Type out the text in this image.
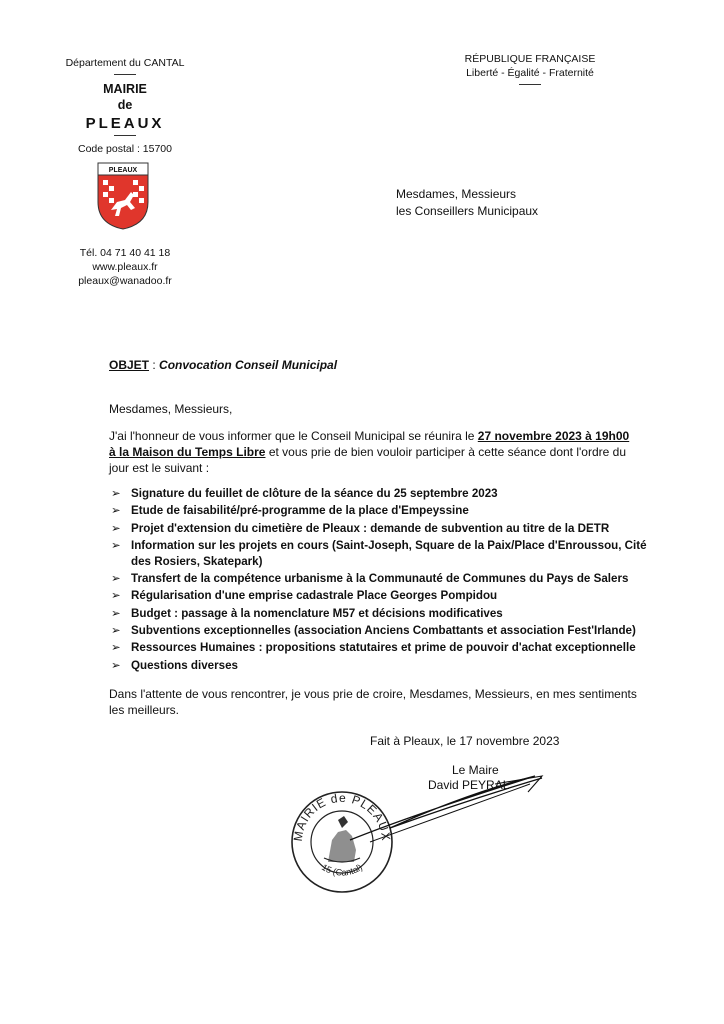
Département du CANTAL
MAIRIE
de
PLEAUX
Code postal : 15700
PLEAUX
Tél. 04 71 40 41 18
www.pleaux.fr
pleaux@wanadoo.fr
RÉPUBLIQUE FRANÇAISE
Liberté - Égalité - Fraternité
Mesdames, Messieurs
les Conseillers Municipaux
OBJET : Convocation Conseil Municipal
Mesdames, Messieurs,
J'ai l'honneur de vous informer que le Conseil Municipal se réunira le 27 novembre 2023 à 19h00 à la Maison du Temps Libre et vous prie de bien vouloir participer à cette séance dont l'ordre du jour est le suivant :
➢ Signature du feuillet de clôture de la séance du 25 septembre 2023
➢ Etude de faisabilité/pré-programme de la place d'Empeyssine
➢ Projet d'extension du cimetière de Pleaux : demande de subvention au titre de la DETR
➢ Information sur les projets en cours (Saint-Joseph, Square de la Paix/Place d'Enroussou, Cité des Rosiers, Skatepark)
➢ Transfert de la compétence urbanisme à la Communauté de Communes du Pays de Salers
➢ Régularisation d'une emprise cadastrale Place Georges Pompidou
➢ Budget : passage à la nomenclature M57 et décisions modificatives
➢ Subventions exceptionnelles (association Anciens Combattants et association Fest'Irlande)
➢ Ressources Humaines : propositions statutaires et prime de pouvoir d'achat exceptionnelle
➢ Questions diverses
Dans l'attente de vous rencontrer, je vous prie de croire, Mesdames, Messieurs, en mes sentiments les meilleurs.
Fait à Pleaux, le 17 novembre 2023
Le Maire
David PEYRAL
MAIRIE de PLEAUX
15 (Cantal)
